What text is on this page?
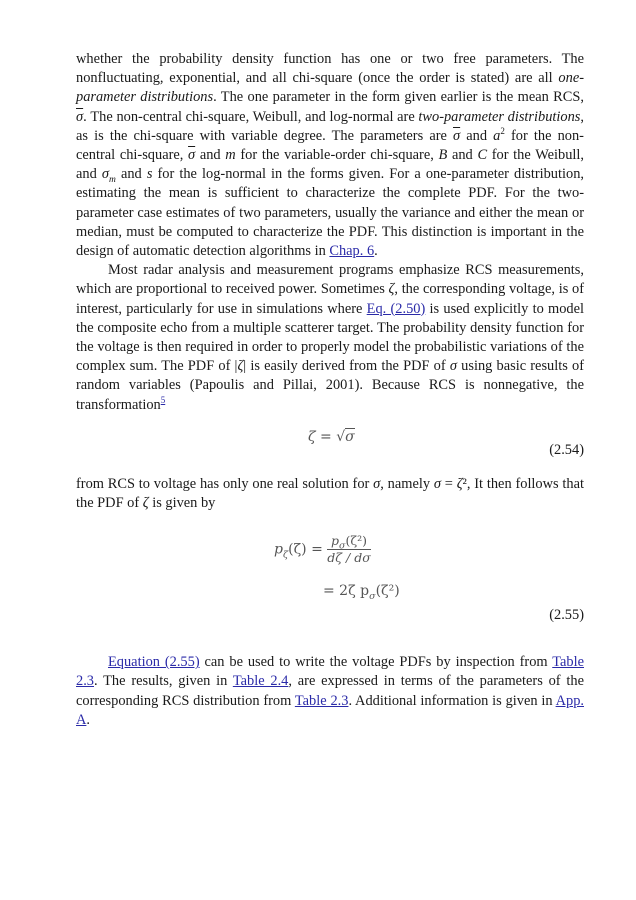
whether the probability density function has one or two free parameters. The nonfluctuating, exponential, and all chi-square (once the order is stated) are all one-parameter distributions. The one parameter in the form given earlier is the mean RCS, $\overline{\sigma}$. The non-central chi-square, Weibull, and log-normal are two-parameter distributions, as is the chi-square with variable degree. The parameters are $\overline{\sigma}$ and $a^2$ for the non-central chi-square, $\overline{\sigma}$ and m for the variable-order chi-square, B and C for the Weibull, and $\sigma_m$ and s for the log-normal in the forms given. For a one-parameter distribution, estimating the mean is sufficient to characterize the complete PDF. For the two-parameter case estimates of two parameters, usually the variance and either the mean or median, must be computed to characterize the PDF. This distinction is important in the design of automatic detection algorithms in Chap. 6.

Most radar analysis and measurement programs emphasize RCS measurements, which are proportional to received power. Sometimes ζ, the corresponding voltage, is of interest, particularly for use in simulations where Eq. (2.50) is used explicitly to model the composite echo from a multiple scatterer target. The probability density function for the voltage is then required in order to properly model the probabilistic variations of the complex sum. The PDF of |ζ| is easily derived from the PDF of σ using basic results of random variables (Papoulis and Pillai, 2001). Because RCS is nonnegative, the transformation$^5$

ζ = √σ
(2.54)

from RCS to voltage has only one real solution for σ, namely σ = ζ², It then follows that the PDF of ζ is given by

$p_\zeta(\zeta) = \frac{p_\sigma(\zeta^2)}{d\zeta / d\sigma}$
= 2ζ $p_\sigma(\zeta^2)$
(2.55)

Equation (2.55) can be used to write the voltage PDFs by inspection from Table 2.3. The results, given in Table 2.4, are expressed in terms of the parameters of the corresponding RCS distribution from Table 2.3. Additional information is given in App. A.
